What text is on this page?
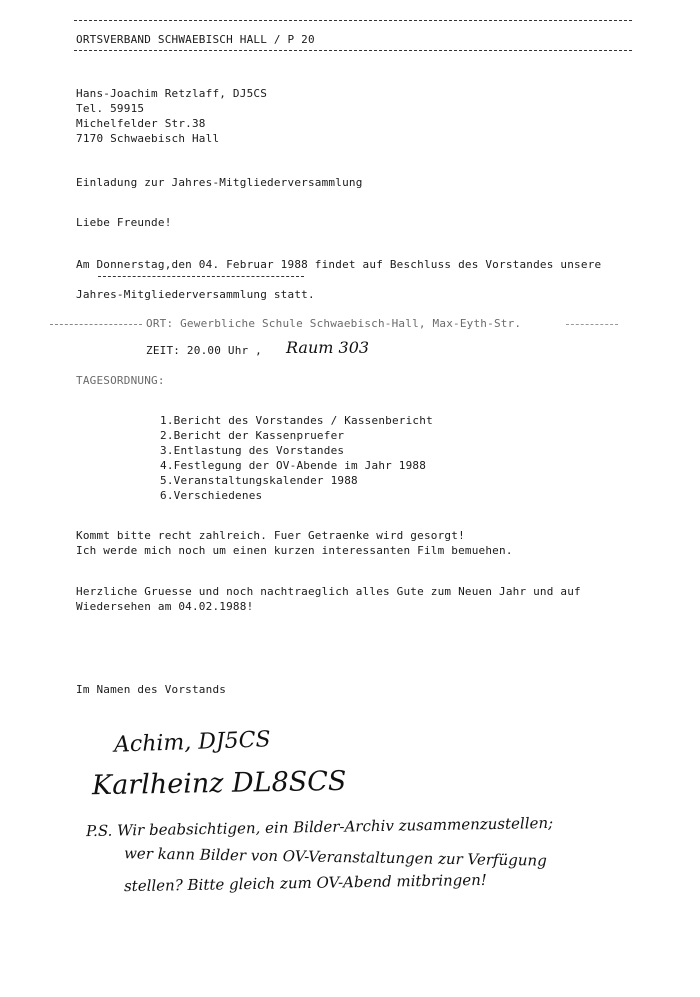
ORTSVERBAND SCHWAEBISCH HALL / P 20
Hans-Joachim Retzlaff, DJ5CS
Tel. 59915
Michelfelder Str.38
7170 Schwaebisch Hall
Einladung zur Jahres-Mitgliederversammlung
Liebe Freunde!
Am Donnerstag,den 04. Februar 1988 findet auf Beschluss des Vorstandes unsere
Jahres-Mitgliederversammlung statt.
ORT: Gewerbliche Schule Schwaebisch-Hall, Max-Eyth-Str.
ZEIT: 20.00 Uhr , Raum 303
TAGESORDNUNG:
1.Bericht des Vorstandes / Kassenbericht
2.Bericht der Kassenpruefer
3.Entlastung des Vorstandes
4.Festlegung der OV-Abende im Jahr 1988
5.Veranstaltungskalender 1988
6.Verschiedenes
Kommt bitte recht zahlreich. Fuer Getraenke wird gesorgt!
Ich werde mich noch um einen kurzen interessanten Film bemuehen.
Herzliche Gruesse und noch nachtraeglich alles Gute zum Neuen Jahr und auf
Wiedersehen am 04.02.1988!
Im Namen des Vorstands
Achim, DJ5CS
Karlheinz DL8SCS
P.S. Wir beabsichtigen, ein Bilder-Archiv zusammenzustellen;
wer kann Bilder von OV-Veranstaltungen zur Verfügung
stellen? Bitte gleich zum OV-Abend mitbringen!
